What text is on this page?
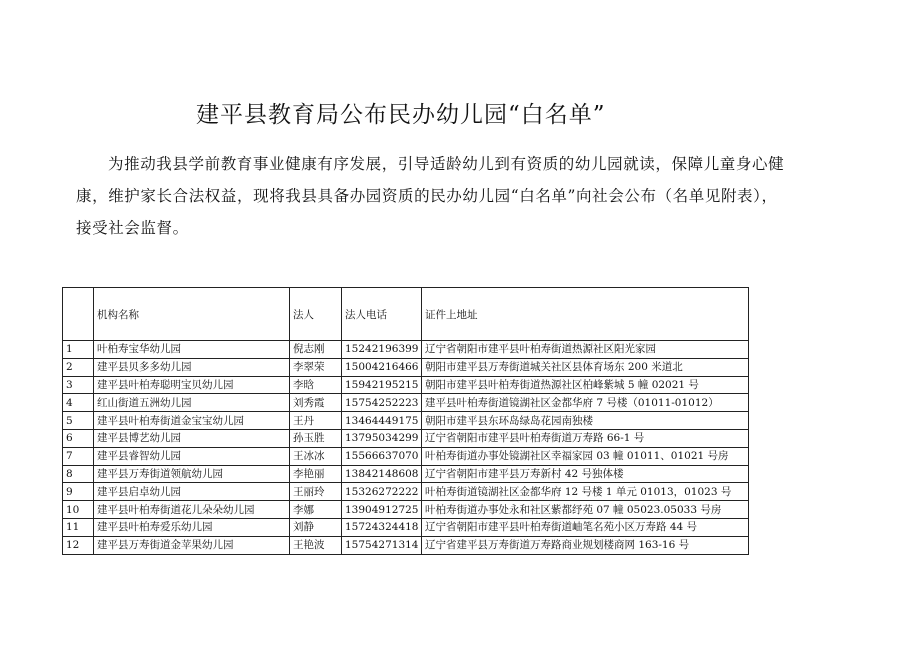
建平县教育局公布民办幼儿园“白名单”
为推动我县学前教育事业健康有序发展，引导适龄幼儿到有资质的幼儿园就读，保障儿童身心健
康，维护家长合法权益，现将我县具备办园资质的民办幼儿园“白名单”向社会公布（名单见附表），
接受社会监督。
	机构名称	法人	法人电话	证件上地址
1	叶柏寿宝华幼儿园	倪志刚	15242196399	辽宁省朝阳市建平县叶柏寿街道热源社区阳光家园
2	建平县贝多多幼儿园	李翠荣	15004216466	朝阳市建平县万寿街道城关社区县体育场东 200 米道北
3	建平县叶柏寿聪明宝贝幼儿园	李晗	15942195215	朝阳市建平县叶柏寿街道热源社区柏峰紫城 5 幢 02021 号
4	红山街道五洲幼儿园	刘秀霞	15754252223	建平县叶柏寿街道镜湖社区金都华府 7 号楼（01011-01012）
5	建平县叶柏寿街道金宝宝幼儿园	王丹	13464449175	朝阳市建平县东环岛绿岛花园南独楼
6	建平县博艺幼儿园	孙玉胜	13795034299	辽宁省朝阳市建平县叶柏寿街道万寿路 66-1 号
7	建平县睿智幼儿园	王冰冰	15566637070	叶柏寿街道办事处镜湖社区幸福家园 03 幢 01011、01021 号房
8	建平县万寿街道领航幼儿园	李艳丽	13842148608	辽宁省朝阳市建平县万寿新村 42 号独体楼
9	建平县启卓幼儿园	王丽玲	15326272222	叶柏寿街道镜湖社区金都华府 12 号楼 1 单元 01013，01023 号
10	建平县叶柏寿街道花儿朵朵幼儿园	李娜	13904912725	叶柏寿街道办事处永和社区紫都纾苑 07 幢 05023.05033 号房
11	建平县叶柏寿爱乐幼儿园	刘静	15724324418	辽宁省朝阳市建平县叶柏寿街道岫笔名苑小区万寿路 44 号
12	建平县万寿街道金苹果幼儿园	王艳波	15754271314	辽宁省建平县万寿街道万寿路商业规划楼商网 163-16 号
